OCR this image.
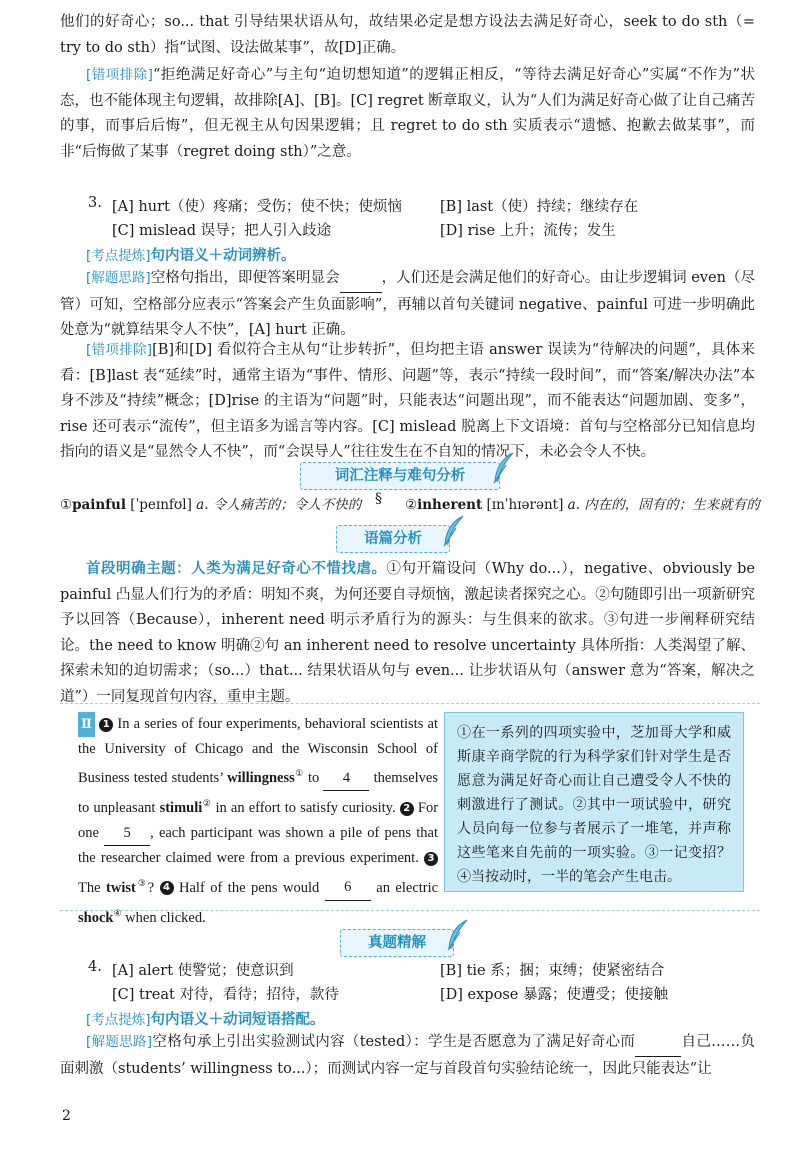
他们的好奇心；so... that 引导结果状语从句，故结果必定是想方设法去满足好奇心，seek to do sth（= try to do sth）指“试图、设法做某事”，故[D]正确。
[错项排除]“拒绝满足好奇心”与主句“迫切想知道”的逻辑正相反，“等待去满足好奇心”实属“不作为”状态，也不能体现主句逻辑，故排除[A]、[B]。[C] regret 断章取义，认为“人们为满足好奇心做了让自己痛苦的事，而事后后悔”，但无视主从句因果逻辑；且 regret to do sth 实质表示“遗憾、抱歉去做某事”，而非“后悔做了某事（regret doing sth）”之意。
3. [A] hurt（使）疼痛；受伤；使不快；使烦恼	[B] last（使）持续；继续存在
[C] mislead 误导；把人引入歧途	[D] rise 上升；流传；发生
[考点提炼]句内语义＋动词辨析。
[解题思路]空格句指出，即便答案明显会	，人们还是会满足他们的好奇心。由让步逻辑词 even（尽管）可知，空格部分应表示“答案会产生负面影响”，再辅以首句关键词 negative、painful 可进一步明确此处意为“就算结果令人不快”，[A] hurt 正确。
[错项排除][B]和[D] 看似符合主从句“让步转折”，但均把主语 answer 误读为“待解决的问题”，具体来看：[B]last 表“延续”时，通常主语为“事件、情形、问题”等，表示“持续一段时间”，而“答案/解决办法”本身不涉及“持续”概念；[D]rise 的主语为“问题”时，只能表达“问题出现”，而不能表达“问题加剧、变多”，rise 还可表示“流传”，但主语多为谣言等内容。[C] mislead 脱离上下文语境：首句与空格部分已知信息均指向的语义是“显然令人不快”，而“会误导人”往往发生在不自知的情况下，未必会令人不快。
词汇注释与难句分析
①painful [ˈpeɪnfʊl] a. 令人痛苦的；令人不快的 § ②inherent [ɪnˈhɪərənt] a. 内在的，固有的；生来就有的
语篇分析
首段明确主题：人类为满足好奇心不惜找虐。①句开篇设问（Why do...），negative、obviously be painful 凸显人们行为的矛盾：明知不爽，为何还要自寻烦恼，激起读者探究之心。②句随即引出一项新研究予以回答（Because），inherent need 明示矛盾行为的源头：与生俱来的欲求。③句进一步阐释研究结论。the need to know 明确②句 an inherent need to resolve uncertainty 具体所指：人类渴望了解、探索未知的迫切需求；（so...）that... 结果状语从句与 even... 让步状语从句（answer 意为“答案，解决之道”）一同复现首句内容，重申主题。
Ⅱ 1 In a series of four experiments, behavioral scientists at the University of Chicago and the Wisconsin School of Business tested students’ willingness① to 4 themselves to unpleasant stimuli② in an effort to satisfy curiosity. 2 For one 5 , each participant was shown a pile of pens that the researcher claimed were from a previous experiment. 3 The twist③? 4 Half of the pens would 6 an electric shock④ when clicked.
①在一系列的四项实验中，芝加哥大学和威斯康辛商学院的行为科学家们针对学生是否愿意为满足好奇心而让自己遭受令人不快的刺激进行了测试。②其中一项试验中，研究人员向每一位参与者展示了一堆笔，并声称这些笔来自先前的一项实验。③一记变招？④当按动时，一半的笔会产生电击。
真题精解
4. [A] alert 使警觉；使意识到	[B] tie 系；捆；束缚；使紧密结合
[C] treat 对待，看待；招待，款待	[D] expose 暴露；使遭受；使接触
[考点提炼]句内语义＋动词短语搭配。
[解题思路]空格句承上引出实验测试内容（tested）：学生是否愿意为了满足好奇心而	自己……负面刺激（students’ willingness to...）；而测试内容一定与首段首句实验结论统一，因此只能表达“让
2
